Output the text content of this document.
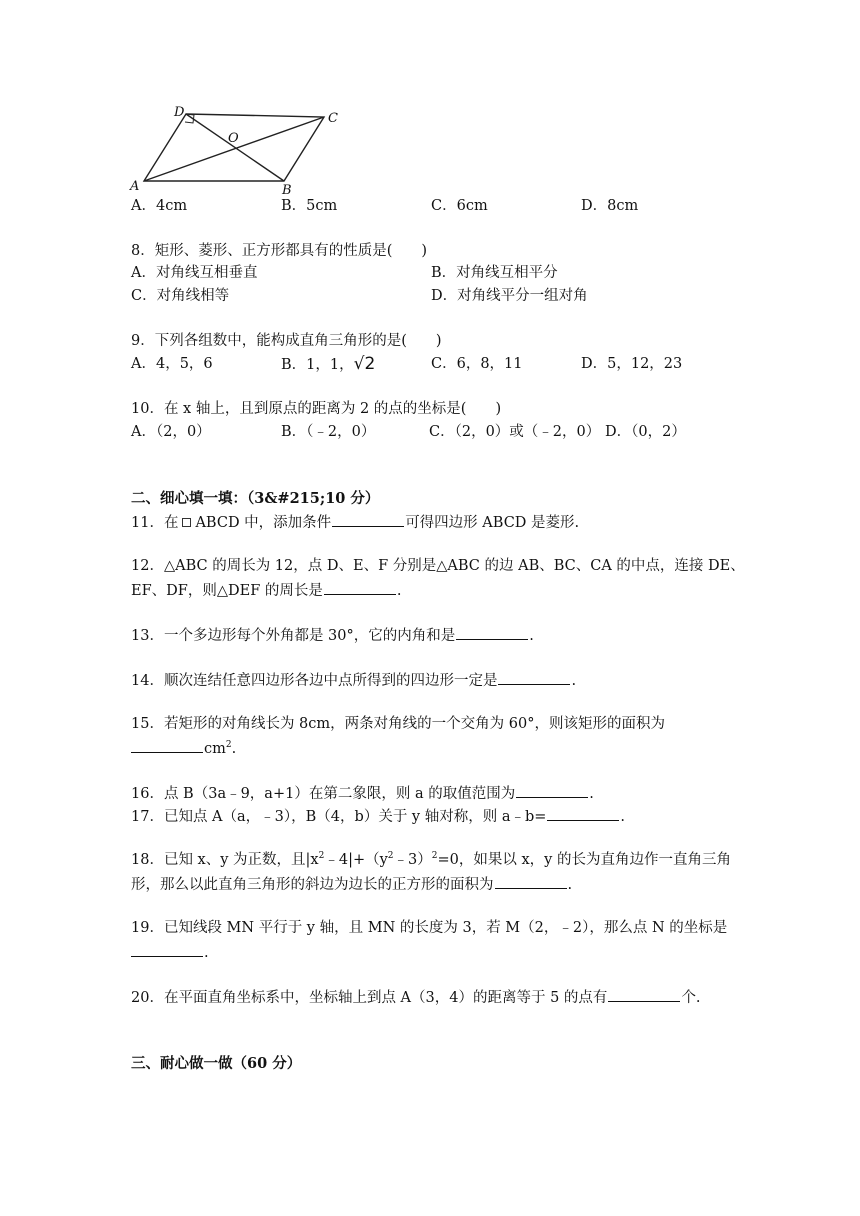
D	C
O
A	B
A．4cm	B．5cm	C．6cm	D．8cm
8．矩形、菱形、正方形都具有的性质是(　　)
A．对角线互相垂直	B．对角线互相平分
C．对角线相等	D．对角线平分一组对角
9．下列各组数中，能构成直角三角形的是(　　)
A．4，5，6	B．1，1，√2	C．6，8，11	D．5，12，23
10．在 x 轴上，且到原点的距离为 2 的点的坐标是(　　)
A．（2，0）	B．（﹣2，0）	C．（2，0）或（﹣2，0） D．（0，2）
二、细心填一填：（3&#215;10 分）
11．在 ABCD 中，添加条件	可得四边形 ABCD 是菱形.
12．△ABC 的周长为 12，点 D、E、F 分别是△ABC 的边 AB、BC、CA 的中点，连接 DE、
EF、DF，则△DEF 的周长是	.
13．一个多边形每个外角都是 30°，它的内角和是	.
14．顺次连结任意四边形各边中点所得到的四边形一定是	.
15．若矩形的对角线长为 8cm，两条对角线的一个交角为 60°，则该矩形的面积为
$cm^2$.
16．点 B（3a﹣9，a+1）在第二象限，则 a 的取值范围为	.
17．已知点 A（a，﹣3），B（4，b）关于 y 轴对称，则 a﹣b=	.
18．已知 x、y 为正数，且$|x^2﹣4|+(y^2﹣3)^2=0$，如果以 x，y 的长为直角边作一直角三角
形，那么以此直角三角形的斜边为边长的正方形的面积为	.
19．已知线段 MN 平行于 y 轴，且 MN 的长度为 3，若 M（2，﹣2），那么点 N 的坐标是
.
20．在平面直角坐标系中，坐标轴上到点 A（3，4）的距离等于 5 的点有	个.
三、耐心做一做（60 分）
